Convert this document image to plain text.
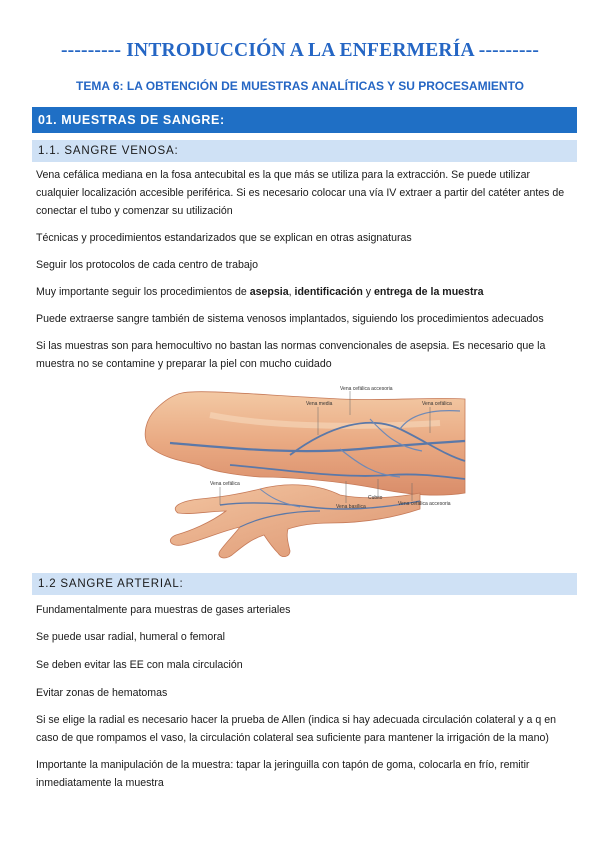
--------- INTRODUCCIÓN A LA ENFERMERÍA ---------
TEMA 6: LA OBTENCIÓN DE MUESTRAS ANALÍTICAS Y SU PROCESAMIENTO
01. MUESTRAS DE SANGRE:
1.1. SANGRE VENOSA:

Vena cefálica mediana en la fosa antecubital es la que más se utiliza para la extracción. Se puede utilizar cualquier localización accesible periférica. Si es necesario colocar una vía IV extraer a partir del catéter antes de conectar el tubo y comenzar su utilización

Técnicas y procedimientos estandarizados que se explican en otras asignaturas

Seguir los protocolos de cada centro de trabajo

Muy importante seguir los procedimientos de asepsia, identificación y entrega de la muestra

Puede extraerse sangre también de sistema venosos implantados, siguiendo los procedimientos adecuados

Si las muestras son para hemocultivo no bastan las normas convencionales de asepsia. Es necesario que la muestra no se contamine y preparar la piel con mucho cuidado

Vena cefálica accesoria
Vena media	Vena cefálica
Vena cefálica
Cubito
Vena basílica	Vena cefálica accesoria
1.2 SANGRE ARTERIAL:

Fundamentalmente para muestras de gases arteriales

Se puede usar radial, humeral o femoral

Se deben evitar las EE con mala circulación

Evitar zonas de hematomas

Si se elige la radial es necesario hacer la prueba de Allen (indica si hay adecuada circulación colateral y a q en caso de que rompamos el vaso, la circulación colateral sea suficiente para mantener la irrigación de la mano)

Importante la manipulación de la muestra: tapar la jeringuilla con tapón de goma, colocarla en frío, remitir inmediatamente la muestra
